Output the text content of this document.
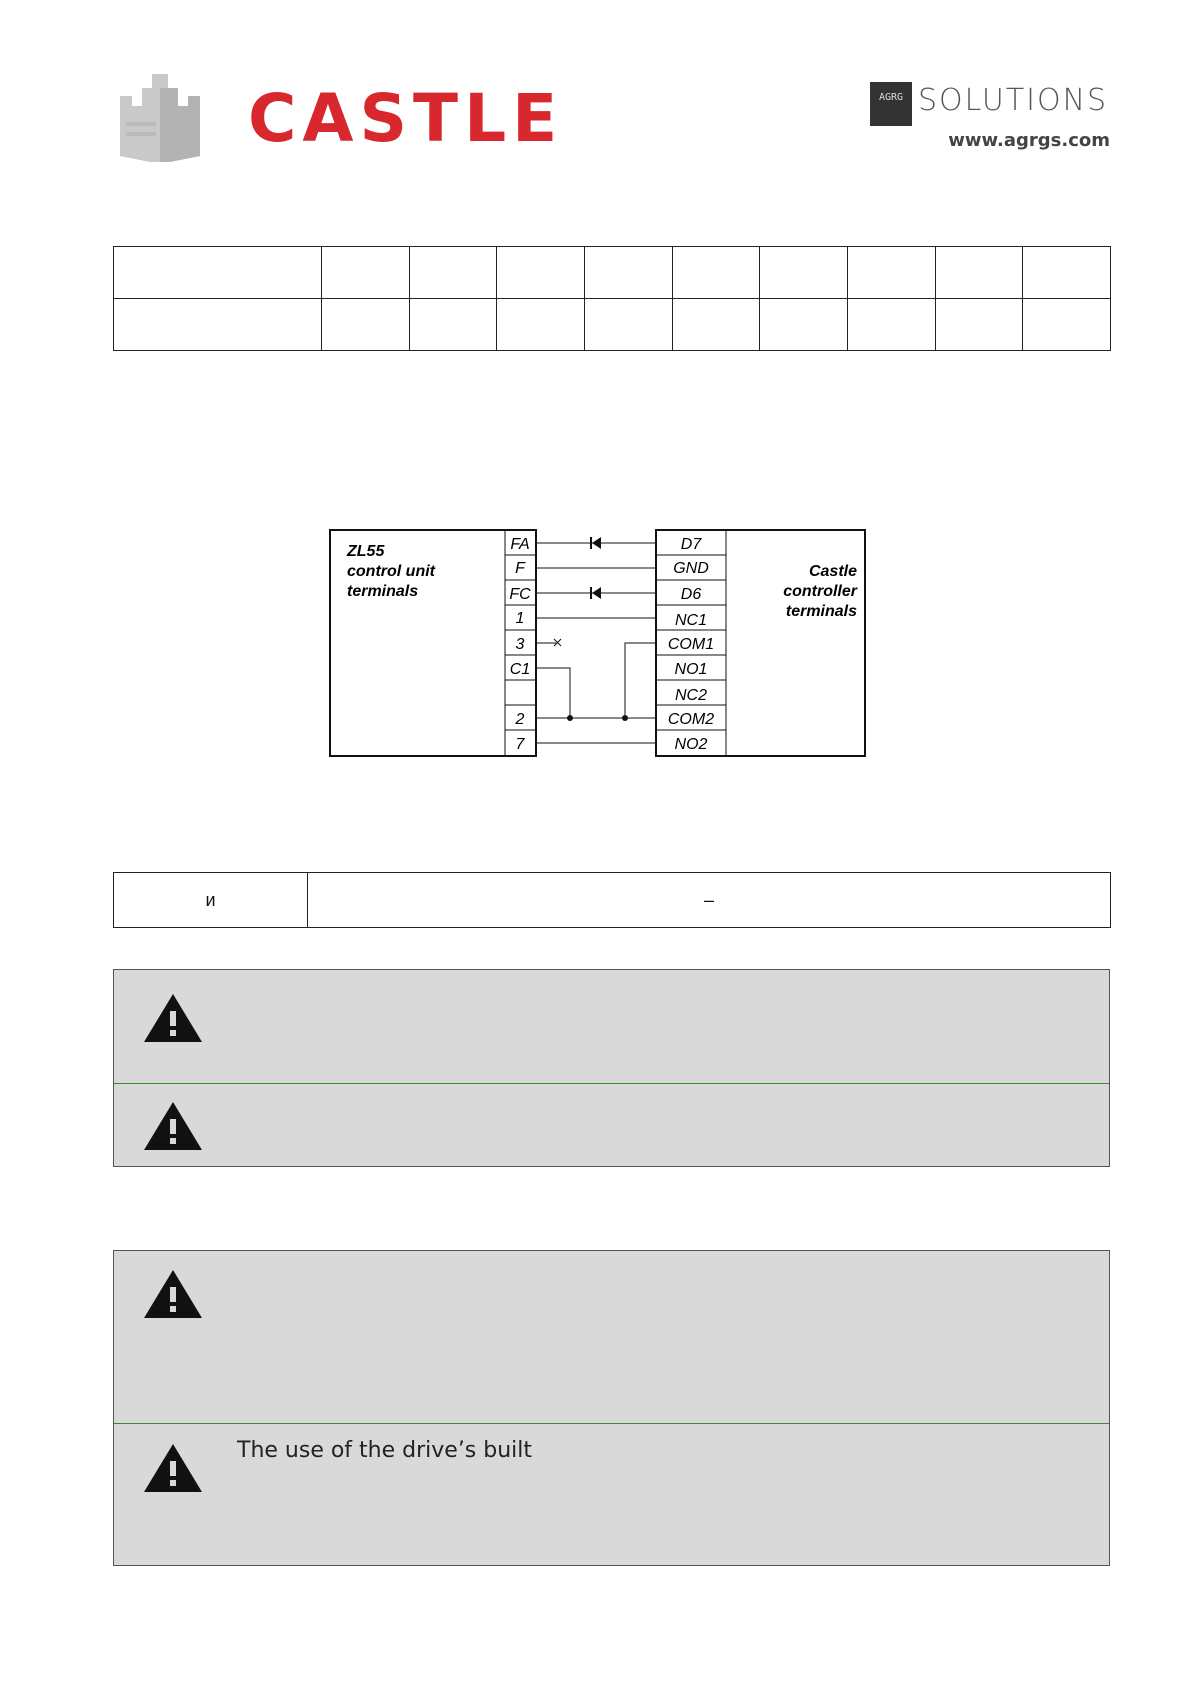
CASTLE	AGRG SOLUTIONS
www.agrgs.com

ZL55
control unit
terminals
Castle
controller
terminals
FA
F
FC
1
3
C1
2
7
D7
GND
D6
NC1
COM1
NO1
NC2
COM2
NO2
и	–
The use of the drive’s built
